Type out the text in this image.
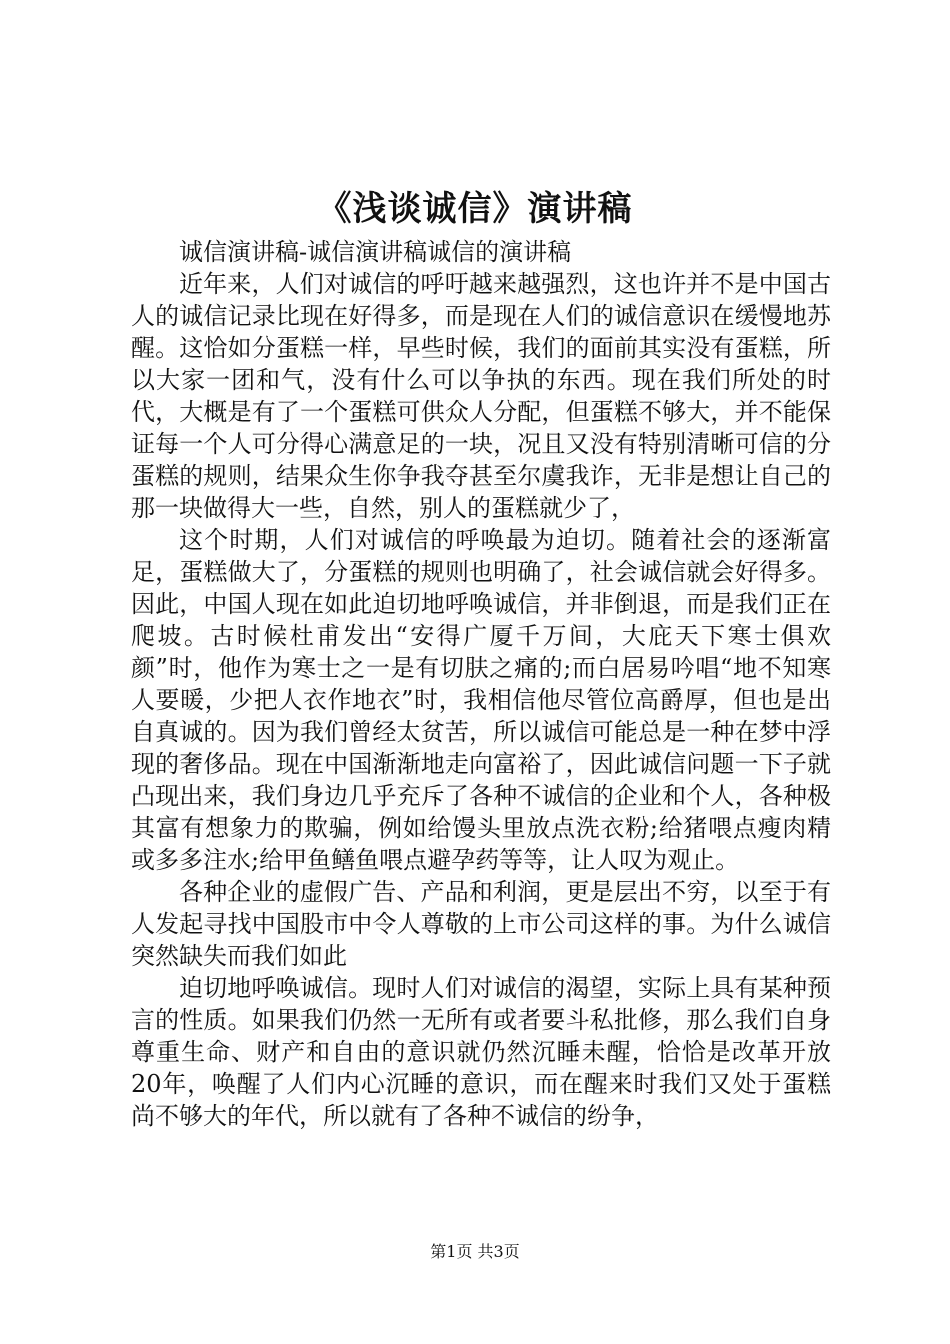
《浅谈诚信》演讲稿

诚信演讲稿-诚信演讲稿诚信的演讲稿

近年来，人们对诚信的呼吁越来越强烈，这也许并不是中国古人的诚信记录比现在好得多，而是现在人们的诚信意识在缓慢地苏醒。这恰如分蛋糕一样，早些时候，我们的面前其实没有蛋糕，所以大家一团和气，没有什么可以争执的东西。现在我们所处的时代，大概是有了一个蛋糕可供众人分配，但蛋糕不够大，并不能保证每一个人可分得心满意足的一块，况且又没有特别清晰可信的分蛋糕的规则，结果众生你争我夺甚至尔虞我诈，无非是想让自己的那一块做得大一些，自然，别人的蛋糕就少了，

这个时期，人们对诚信的呼唤最为迫切。随着社会的逐渐富足，蛋糕做大了，分蛋糕的规则也明确了，社会诚信就会好得多。因此，中国人现在如此迫切地呼唤诚信，并非倒退，而是我们正在爬坡。古时候杜甫发出“安得广厦千万间，大庇天下寒士俱欢颜”时，他作为寒士之一是有切肤之痛的;而白居易吟唱“地不知寒人要暖，少把人衣作地衣”时，我相信他尽管位高爵厚，但也是出自真诚的。因为我们曾经太贫苦，所以诚信可能总是一种在梦中浮现的奢侈品。现在中国渐渐地走向富裕了，因此诚信问题一下子就凸现出来，我们身边几乎充斥了各种不诚信的企业和个人，各种极其富有想象力的欺骗，例如给馒头里放点洗衣粉;给猪喂点瘦肉精或多多注水;给甲鱼鳝鱼喂点避孕药等等，让人叹为观止。

各种企业的虚假广告、产品和利润，更是层出不穷，以至于有人发起寻找中国股市中令人尊敬的上市公司这样的事。为什么诚信突然缺失而我们如此

迫切地呼唤诚信。现时人们对诚信的渴望，实际上具有某种预言的性质。如果我们仍然一无所有或者要斗私批修，那么我们自身尊重生命、财产和自由的意识就仍然沉睡未醒，恰恰是改革开放20年，唤醒了人们内心沉睡的意识，而在醒来时我们又处于蛋糕尚不够大的年代，所以就有了各种不诚信的纷争，

第1页 共3页
